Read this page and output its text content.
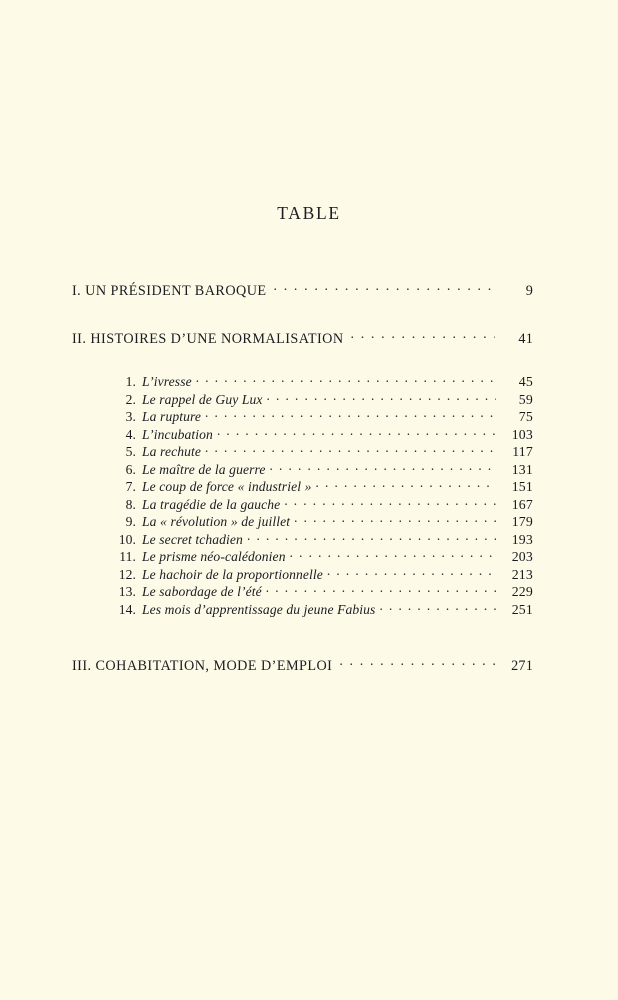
TABLE
I. UN PRÉSIDENT BAROQUE . . .	9
II. HISTOIRES D’UNE NORMALISATION . . .	41
1. L’ivresse . . .	45
2. Le rappel de Guy Lux . . .	59
3. La rupture . . .	75
4. L’incubation . . .	103
5. La rechute . . .	117
6. Le maître de la guerre . . .	131
7. Le coup de force « industriel » . . .	151
8. La tragédie de la gauche . . .	167
9. La « révolution » de juillet . . .	179
10. Le secret tchadien . . .	193
11. Le prisme néo-calédonien . . .	203
12. Le hachoir de la proportionnelle . . .	213
13. Le sabordage de l’été . . .	229
14. Les mois d’apprentissage du jeune Fabius . . .	251
III. COHABITATION, MODE D’EMPLOI . . .	271
